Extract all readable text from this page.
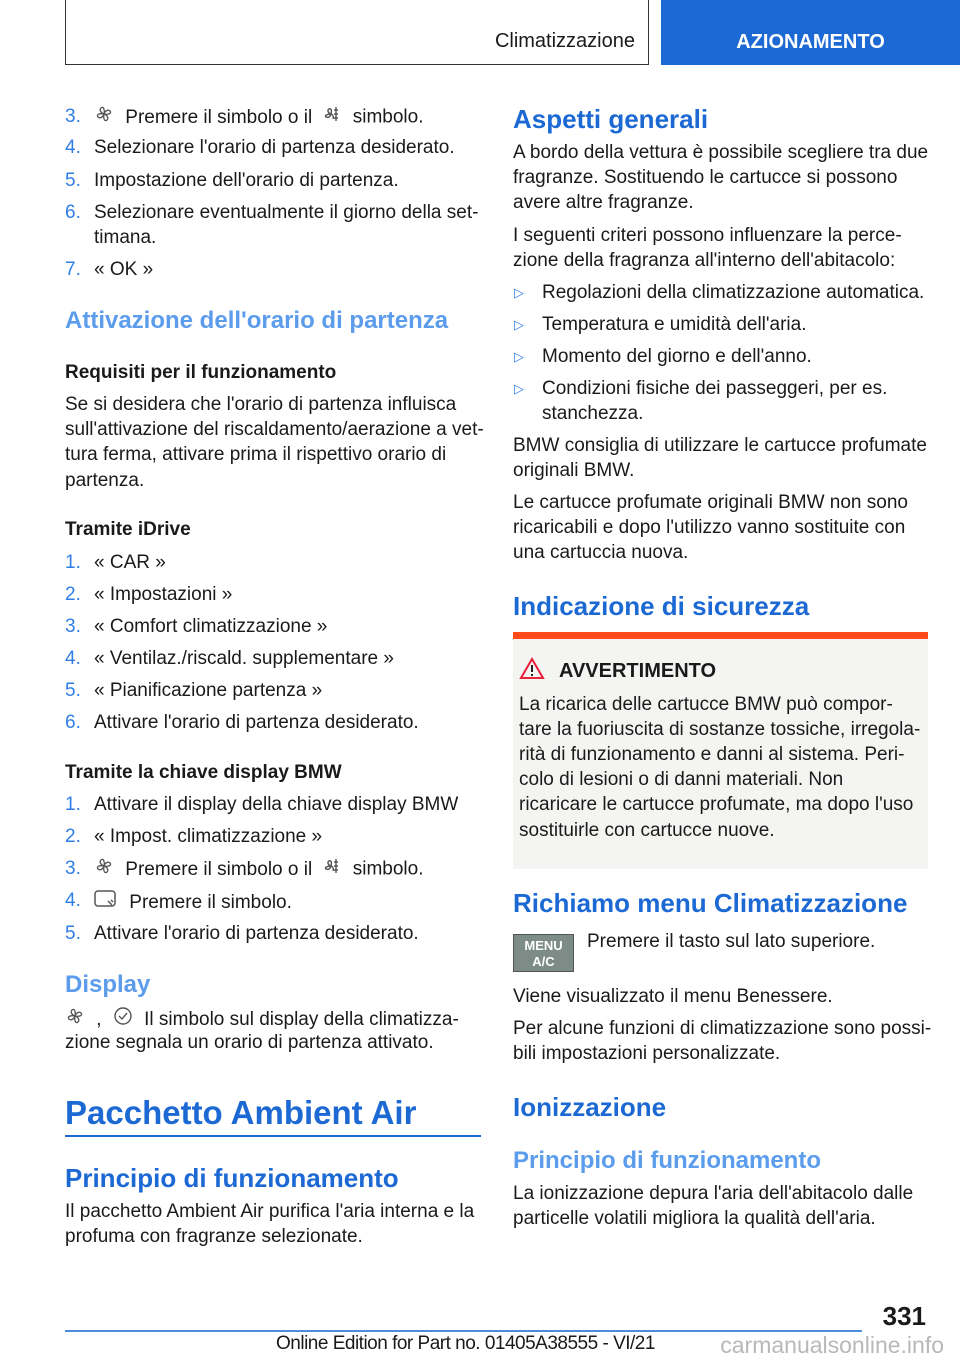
Climatizzazione	AZIONAMENTO
3.	Premere il simbolo o il simbolo.
4. Selezionare l'orario di partenza desiderato.
5. Impostazione dell'orario di partenza.
6. Selezionare eventualmente il giorno della set-
timana.
7. « OK »
Attivazione dell'orario di partenza
Requisiti per il funzionamento
Se si desidera che l'orario di partenza influisca
sull'attivazione del riscaldamento/aerazione a vet-
tura ferma, attivare prima il rispettivo orario di
partenza.
Tramite iDrive
1. « CAR »
2. « Impostazioni »
3. « Comfort climatizzazione »
4. « Ventilaz./riscald. supplementare »
5. « Pianificazione partenza »
6. Attivare l'orario di partenza desiderato.
Tramite la chiave display BMW
1. Attivare il display della chiave display BMW
2. « Impost. climatizzazione »
3.	Premere il simbolo o il simbolo.
4.	Premere il simbolo.
5. Attivare l'orario di partenza desiderato.
Display
, Il simbolo sul display della climatizza-
zione segnala un orario di partenza attivato.
Pacchetto Ambient Air
Principio di funzionamento
Il pacchetto Ambient Air purifica l'aria interna e la
profuma con fragranze selezionate.
Aspetti generali
A bordo della vettura è possibile scegliere tra due
fragranze. Sostituendo le cartucce si possono
avere altre fragranze.
I seguenti criteri possono influenzare la perce-
zione della fragranza all'interno dell'abitacolo:
▷ Regolazioni della climatizzazione automatica.
▷ Temperatura e umidità dell'aria.
▷ Momento del giorno e dell'anno.
▷ Condizioni fisiche dei passeggeri, per es.
stanchezza.
BMW consiglia di utilizzare le cartucce profumate
originali BMW.
Le cartucce profumate originali BMW non sono
ricaricabili e dopo l'utilizzo vanno sostituite con
una cartuccia nuova.
Indicazione di sicurezza
AVVERTIMENTO
La ricarica delle cartucce BMW può compor-
tare la fuoriuscita di sostanze tossiche, irregola-
rità di funzionamento e danni al sistema. Peri-
colo di lesioni o di danni materiali. Non
ricaricare le cartucce profumate, ma dopo l'uso
sostituirle con cartucce nuove.
Richiamo menu Climatizzazione
MENU
A/C
Premere il tasto sul lato superiore.
Viene visualizzato il menu Benessere.
Per alcune funzioni di climatizzazione sono possi-
bili impostazioni personalizzate.
Ionizzazione
Principio di funzionamento
La ionizzazione depura l'aria dell'abitacolo dalle
particelle volatili migliora la qualità dell'aria.
331
Online Edition for Part no. 01405A38555 - VI/21	carmanualsonline.info
